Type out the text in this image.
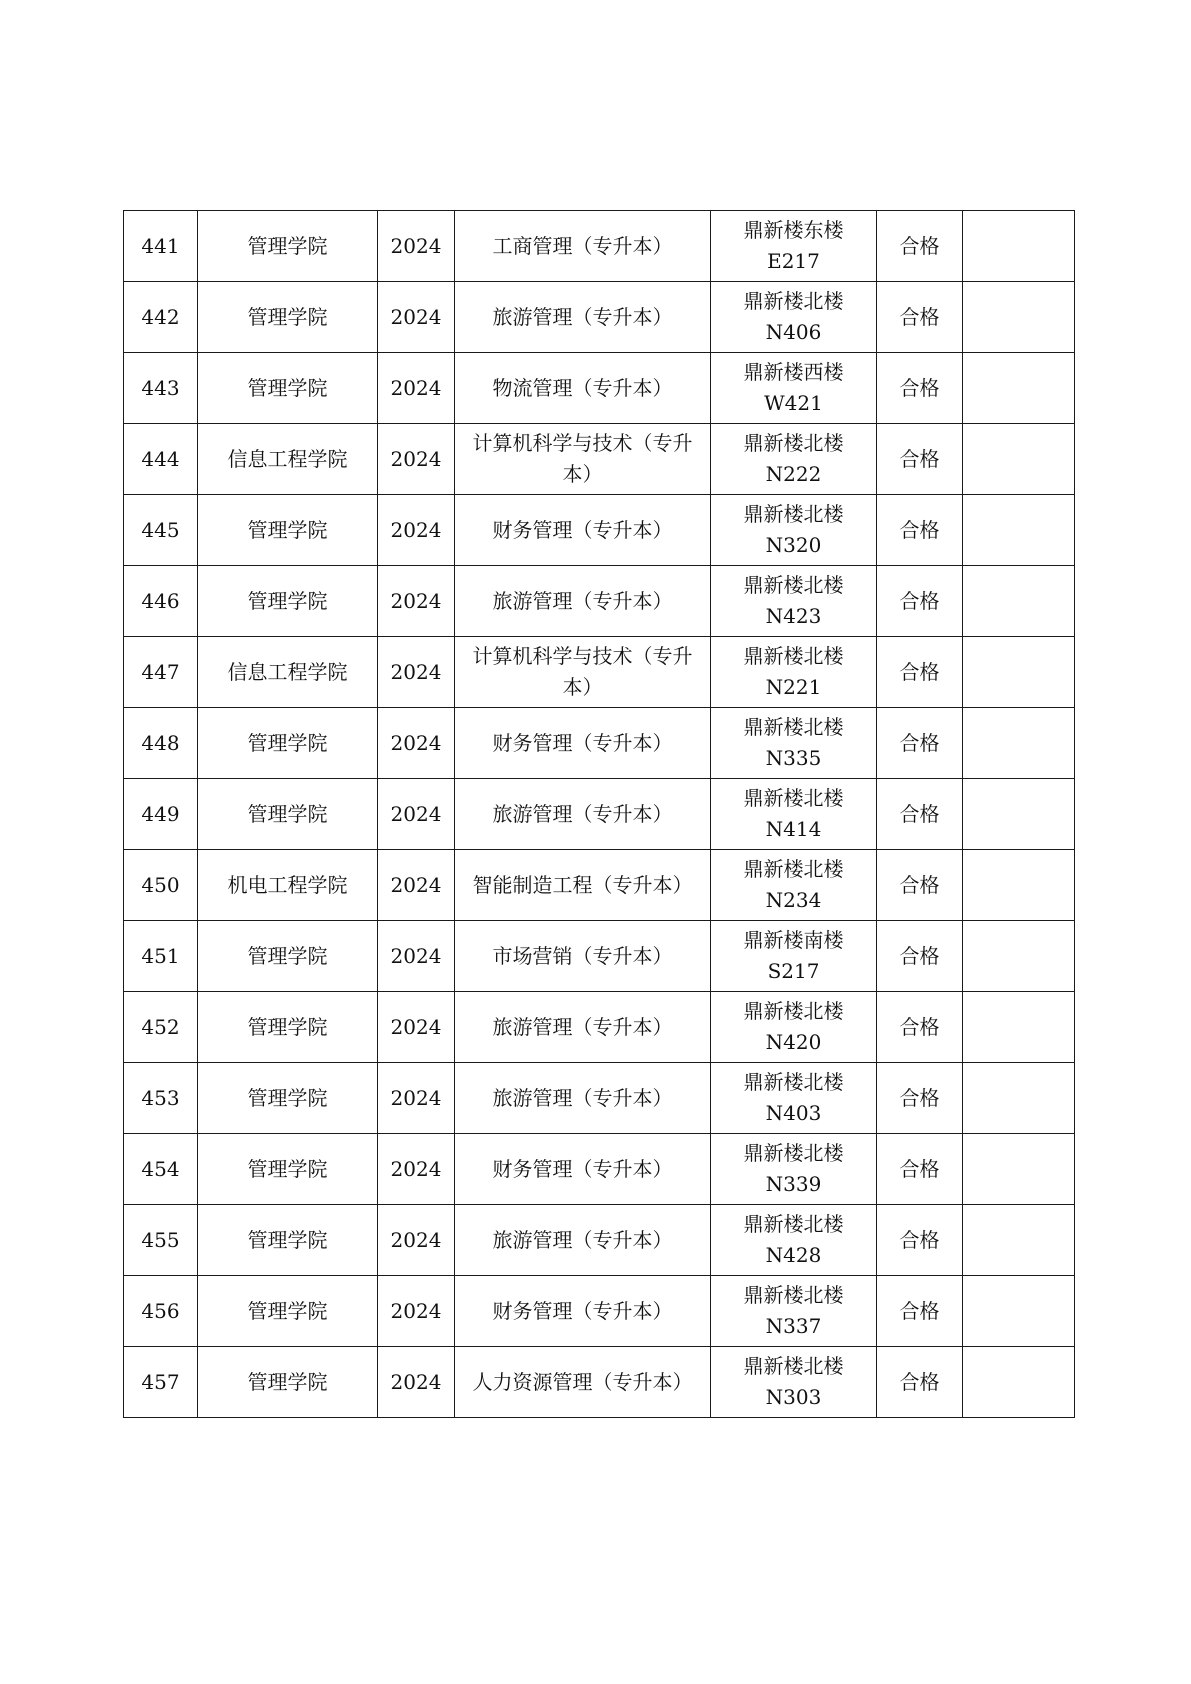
441	管理学院	2024	工商管理（专升本）	鼎新楼东楼
E217	合格	
442	管理学院	2024	旅游管理（专升本）	鼎新楼北楼
N406	合格	
443	管理学院	2024	物流管理（专升本）	鼎新楼西楼
W421	合格	
444	信息工程学院	2024	计算机科学与技术（专升本）	鼎新楼北楼
N222	合格	
445	管理学院	2024	财务管理（专升本）	鼎新楼北楼
N320	合格	
446	管理学院	2024	旅游管理（专升本）	鼎新楼北楼
N423	合格	
447	信息工程学院	2024	计算机科学与技术（专升本）	鼎新楼北楼
N221	合格	
448	管理学院	2024	财务管理（专升本）	鼎新楼北楼
N335	合格	
449	管理学院	2024	旅游管理（专升本）	鼎新楼北楼
N414	合格	
450	机电工程学院	2024	智能制造工程（专升本）	鼎新楼北楼
N234	合格	
451	管理学院	2024	市场营销（专升本）	鼎新楼南楼
S217	合格	
452	管理学院	2024	旅游管理（专升本）	鼎新楼北楼
N420	合格	
453	管理学院	2024	旅游管理（专升本）	鼎新楼北楼
N403	合格	
454	管理学院	2024	财务管理（专升本）	鼎新楼北楼
N339	合格	
455	管理学院	2024	旅游管理（专升本）	鼎新楼北楼
N428	合格	
456	管理学院	2024	财务管理（专升本）	鼎新楼北楼
N337	合格	
457	管理学院	2024	人力资源管理（专升本）	鼎新楼北楼
N303	合格	
